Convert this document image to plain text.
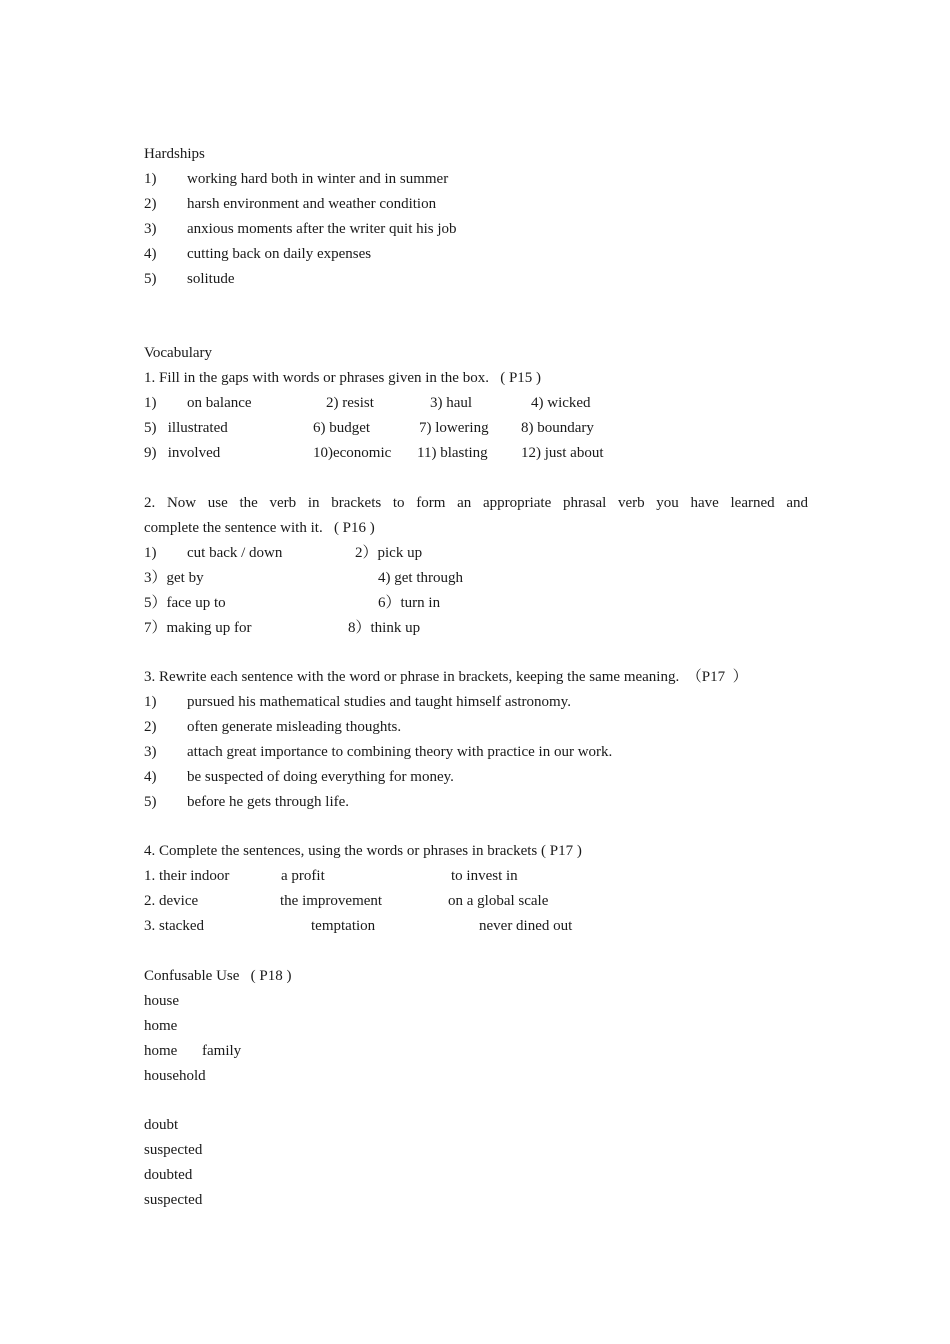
Hardships
1) working hard both in winter and in summer
2) harsh environment and weather condition
3) anxious moments after the writer quit his job
4) cutting back on daily expenses
5) solitude
Vocabulary
1. Fill in the gaps with words or phrases given in the box.   ( P15 )
1) on balance	2) resist	3) haul	4) wicked
5)   illustrated	6) budget	7) lowering 8) boundary
9)   involved	10)economic 11) blasting 12) just about
2. Now use the verb in brackets to form an appropriate phrasal verb you have learned and
complete the sentence with it.   ( P16 )
1) cut back / down	2）pick up
3）get by	4) get through
5）face up to	6）turn in
7）making up for	8）think up
3. Rewrite each sentence with the word or phrase in brackets, keeping the same meaning.  （P17  ）
1) pursued his mathematical studies and taught himself astronomy.
2) often generate misleading thoughts.
3) attach great importance to combining theory with practice in our work.
4) be suspected of doing everything for money.
5) before he gets through life.
4. Complete the sentences, using the words or phrases in brackets ( P17 )
1. their indoor	a profit	to invest in
2. device	the improvement	on a global scale
3. stacked	temptation	never dined out
Confusable Use   ( P18 )
house
home
home family
household
doubt
suspected
doubted
suspected
